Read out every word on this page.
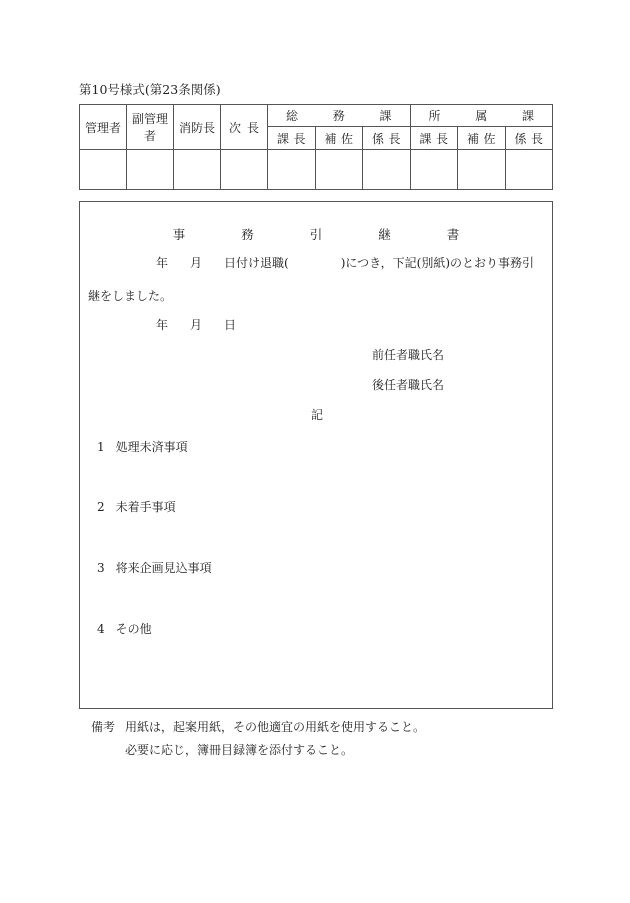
第10号様式(第23条関係)
管理者	副管理者	消防長	次 長	総 務 課			所 属 課		

				課 長	補 佐	係 長	課 長	補 佐	係 長

事	務	引	継	書
年 月 日付け退職(	)につき，下記(別紙)のとおり事務引
継をしました。
年 月 日
前任者職氏名
後任者職氏名
記
1 処理未済事項
2 未着手事項
3 将来企画見込事項
4 その他
備考 用紙は，起案用紙，その他適宜の用紙を使用すること。
必要に応じ，簿冊目録簿を添付すること。
